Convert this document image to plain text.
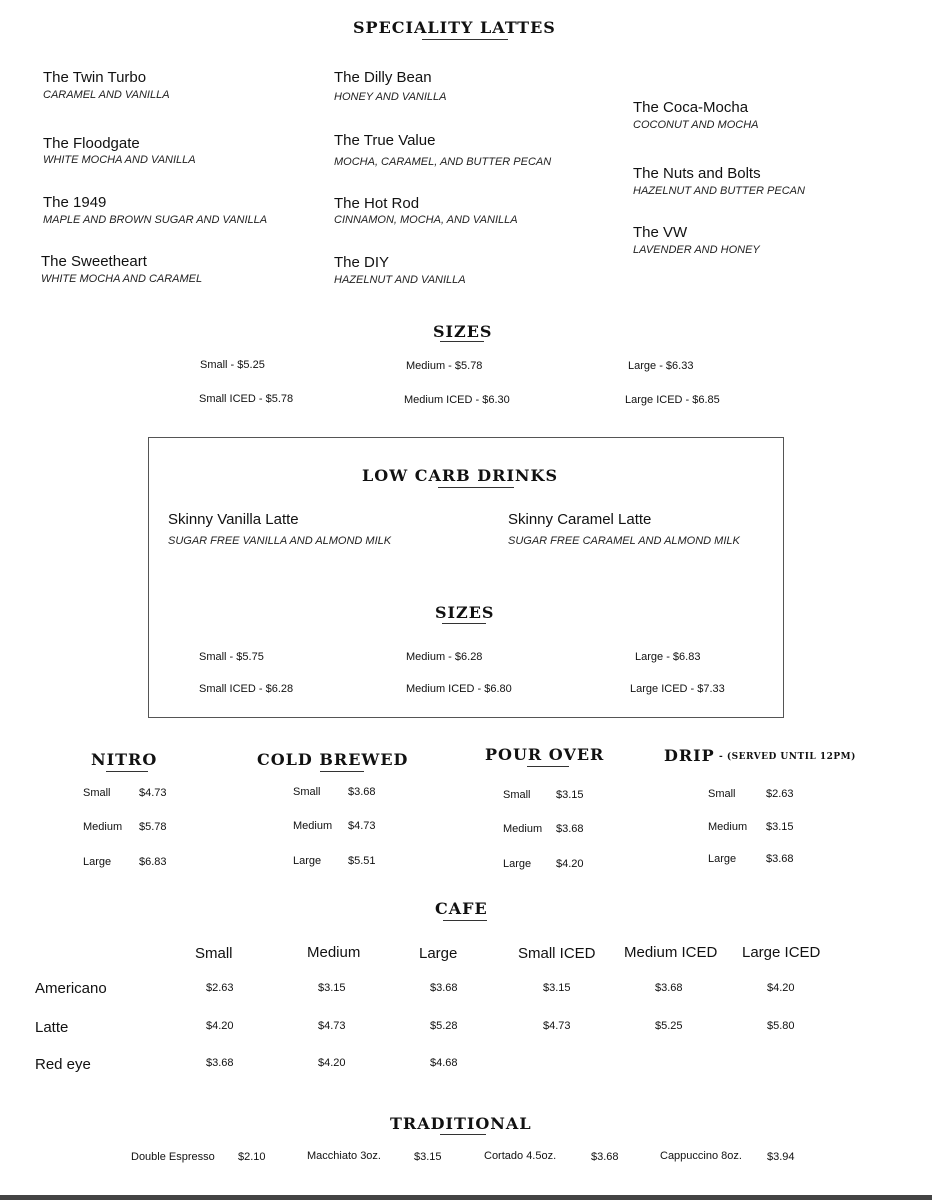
SPECIALITY LATTES
The Twin Turbo
CARAMEL AND VANILLA
The Floodgate
WHITE MOCHA AND VANILLA
The 1949
MAPLE AND BROWN SUGAR AND VANILLA
The Sweetheart
WHITE MOCHA AND CARAMEL
The Dilly Bean
HONEY AND VANILLA
The True Value
MOCHA, CARAMEL, AND BUTTER PECAN
The Hot Rod
CINNAMON, MOCHA, AND VANILLA
The DIY
HAZELNUT AND VANILLA
The Coca-Mocha
COCONUT AND MOCHA
The Nuts and Bolts
HAZELNUT AND BUTTER PECAN
The VW
LAVENDER AND HONEY
SIZES
Small - $5.25	Medium - $5.78	Large - $6.33
Small ICED - $5.78	Medium ICED - $6.30	Large ICED - $6.85
LOW CARB DRINKS
Skinny Vanilla Latte
SUGAR FREE VANILLA AND ALMOND MILK
Skinny Caramel Latte
SUGAR FREE CARAMEL AND ALMOND MILK
SIZES
Small - $5.75	Medium - $6.28	Large - $6.83
Small ICED - $6.28	Medium ICED - $6.80	Large ICED - $7.33
NITRO
Small	$4.73
Medium $5.78
Large	$6.83
COLD BREWED
Small $3.68
Medium $4.73
Large $5.51
POUR OVER
Small $3.15
Medium $3.68
Large $4.20
DRIP - (SERVED UNTIL 12PM)
Small	$2.63
Medium $3.15
Large	$3.68
CAFE
Small	Medium	Large	Small ICED Medium ICED Large ICED
Americano	$2.63	$3.15	$3.68	$3.15	$3.68	$4.20
Latte	$4.20	$4.73	$5.28	$4.73	$5.25	$5.80
Red eye	$3.68	$4.20	$4.68
TRADITIONAL
Double Espresso $2.10	Macchiato 3oz.	$3.15	Cortado 4.5oz.	$3.68	Cappuccino 8oz. $3.94
